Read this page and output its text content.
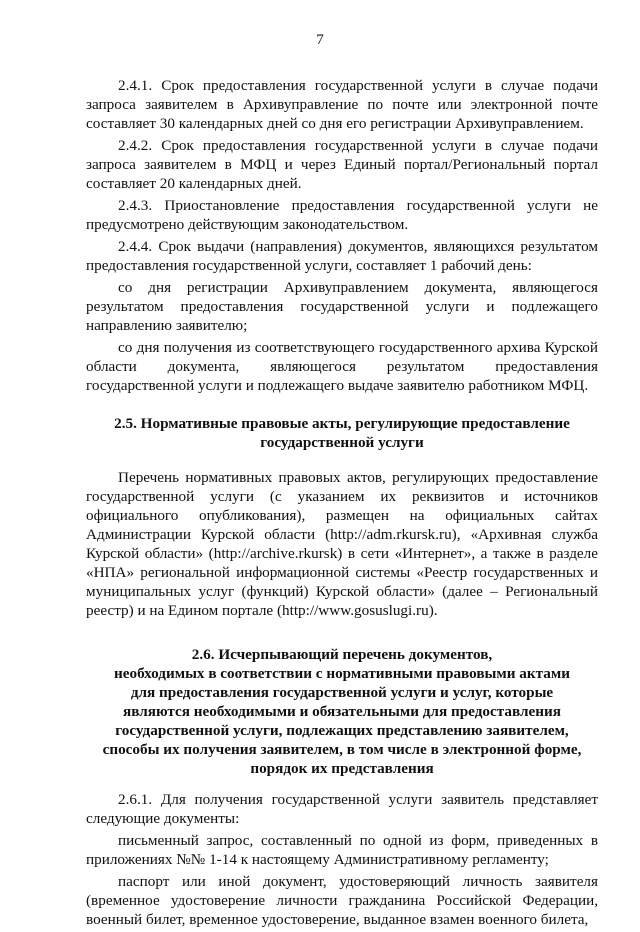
7

2.4.1. Срок предоставления государственной услуги в случае подачи запроса заявителем в Архивуправление по почте или электронной почте составляет 30 календарных дней со дня его регистрации Архивуправлением.

2.4.2. Срок предоставления государственной услуги в случае подачи запроса заявителем в МФЦ и через Единый портал/Региональный портал составляет 20 календарных дней.

2.4.3. Приостановление предоставления государственной услуги не предусмотрено действующим законодательством.

2.4.4. Срок выдачи (направления) документов, являющихся результатом предоставления государственной услуги, составляет 1 рабочий день:

со дня регистрации Архивуправлением документа, являющегося результатом предоставления государственной услуги и подлежащего направлению заявителю;

со дня получения из соответствующего государственного архива Курской области документа, являющегося результатом предоставления государственной услуги и подлежащего выдаче заявителю работником МФЦ.

2.5. Нормативные правовые акты, регулирующие предоставление

государственной услуги

Перечень нормативных правовых актов, регулирующих предоставление государственной услуги (с указанием их реквизитов и источников официального опубликования), размещен на официальных сайтах Администрации Курской области (http://adm.rkursk.ru), «Архивная служба Курской области» (http://archive.rkursk) в сети «Интернет», а также в разделе «НПА» региональной информационной системы «Реестр государственных и муниципальных услуг (функций) Курской области» (далее – Региональный реестр) и на Едином портале (http://www.gosuslugi.ru).

2.6. Исчерпывающий перечень документов,

необходимых в соответствии с нормативными правовыми актами

для предоставления государственной услуги и услуг, которые

являются необходимыми и обязательными для предоставления

государственной услуги, подлежащих представлению заявителем,

способы их получения заявителем, в том числе в электронной форме,

порядок их представления

2.6.1. Для получения государственной услуги заявитель представляет следующие документы:

письменный запрос, составленный по одной из форм, приведенных в приложениях №№ 1-14 к настоящему Административному регламенту;

паспорт или иной документ, удостоверяющий личность заявителя (временное удостоверение личности гражданина Российской Федерации, военный билет, временное удостоверение, выданное взамен военного билета,
